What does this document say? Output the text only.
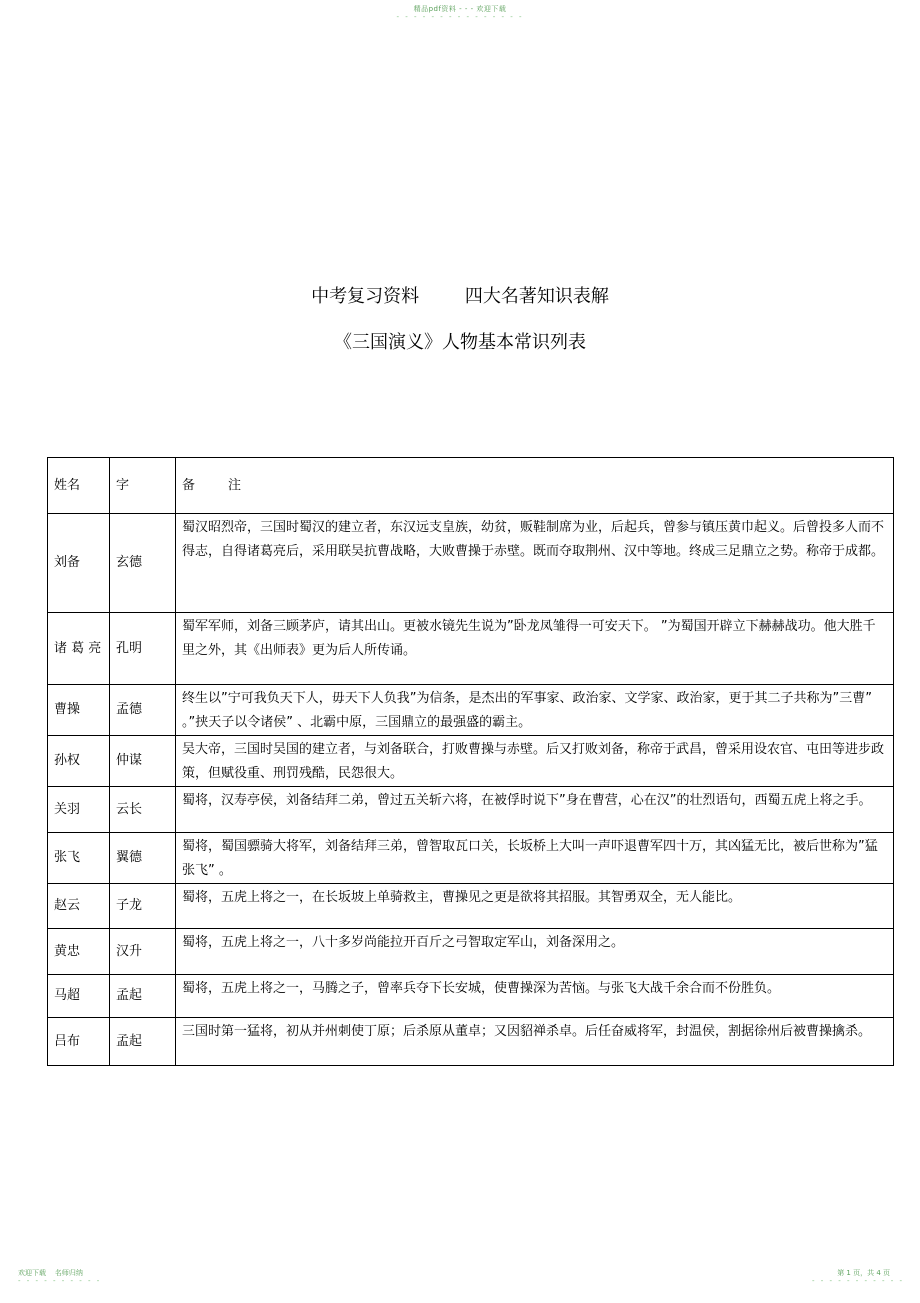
精品pdf资料 - - - 欢迎下载
- - - - - - - - - - - - - - -
中考复习资料        四大名著知识表解
《三国演义》人物基本常识列表
姓名	字	备        注
刘备	玄德	蜀汉昭烈帝，三国时蜀汉的建立者，东汉远支皇族，幼贫，贩鞋制席为业，后起兵，曾参与镇压黄巾起义。后曾投多人而不得志，自得诸葛亮后，采用联吴抗曹战略，大败曹操于赤壁。既而夺取荆州、汉中等地。终成三足鼎立之势。称帝于成都。
诸 葛 亮	孔明	蜀军军师，刘备三顾茅庐，请其出山。更被水镜先生说为”卧龙凤雏得一可安天下。 ”为蜀国开辟立下赫赫战功。他大胜千里之外，其《出师表》更为后人所传诵。
曹操	孟德	终生以”宁可我负天下人，毋天下人负我”为信条，是杰出的军事家、政治家、文学家、政治家，更于其二子共称为”三曹” 。”挟天子以令诸侯” 、北霸中原，三国鼎立的最强盛的霸主。
孙权	仲谋	吴大帝，三国时吴国的建立者，与刘备联合，打败曹操与赤壁。后又打败刘备，称帝于武昌，曾采用设农官、屯田等进步政策，但赋役重、刑罚残酷，民怨很大。
关羽	云长	蜀将，汉寿亭侯，刘备结拜二弟，曾过五关斩六将，在被俘时说下”身在曹营，心在汉”的壮烈语句，西蜀五虎上将之手。
张飞	翼德	蜀将，蜀国骠骑大将军，刘备结拜三弟，曾智取瓦口关，长坂桥上大叫一声吓退曹军四十万，其凶猛无比，被后世称为”猛张飞” 。
赵云	子龙	蜀将，五虎上将之一，在长坂坡上单骑救主，曹操见之更是欲将其招服。其智勇双全，无人能比。
黄忠	汉升	蜀将，五虎上将之一，八十多岁尚能拉开百斤之弓智取定军山，刘备深用之。
马超	孟起	蜀将，五虎上将之一，马腾之子，曾率兵夺下长安城，使曹操深为苦恼。与张飞大战千余合而不份胜负。
吕布	孟起	三国时第一猛将，初从并州刺使丁原；后杀原从董卓；又因貂禅杀卓。后任奋威将军，封温侯，割据徐州后被曹操擒杀。
欢迎下载    名师归纳
- - - - - - - - - -
第 1 页，共 4 页
- - - - - - - - - - -
